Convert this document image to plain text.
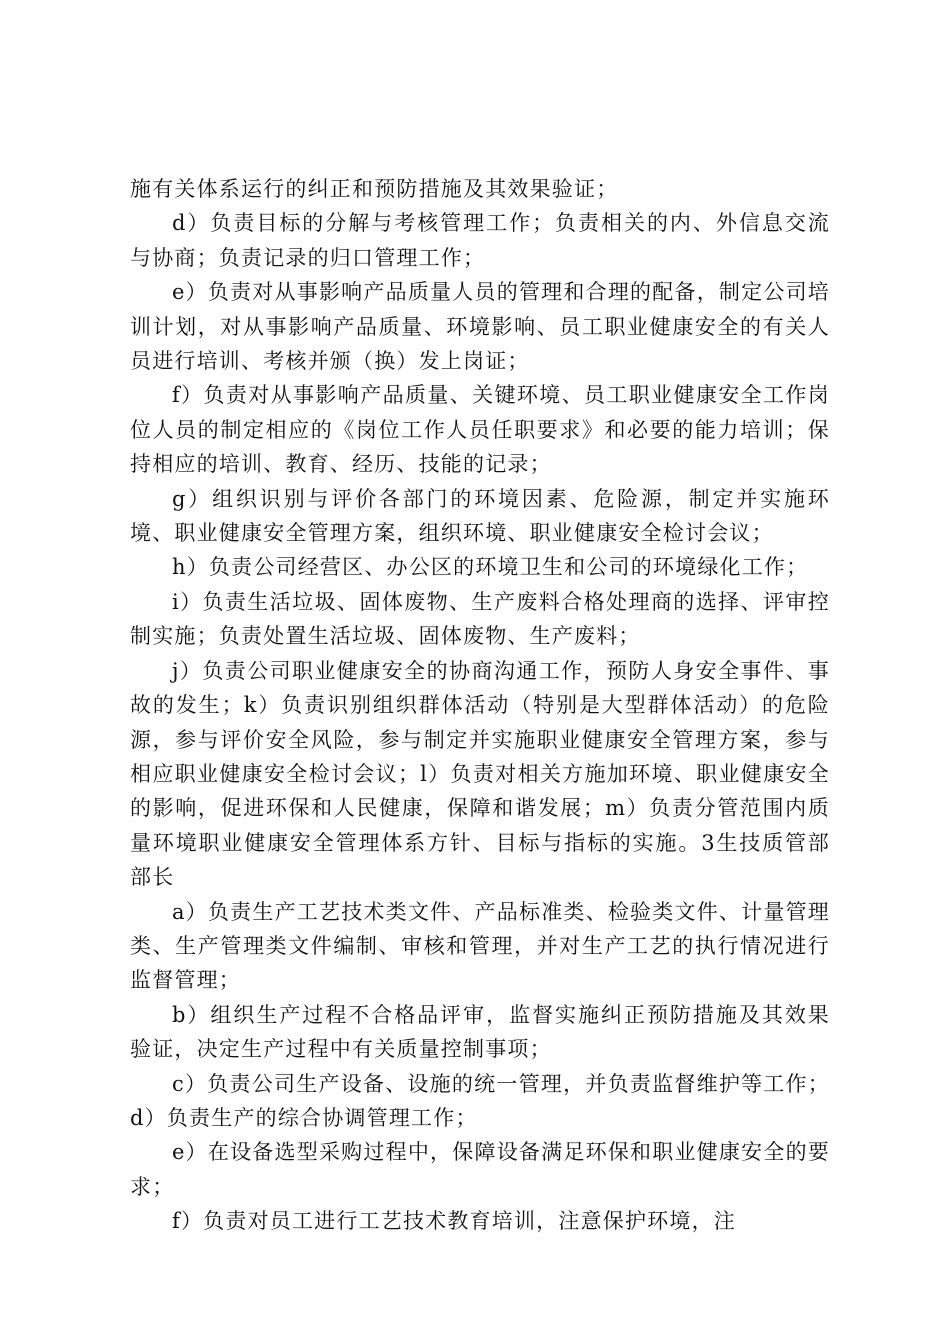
施有关体系运行的纠正和预防措施及其效果验证；

d）负责目标的分解与考核管理工作；负责相关的内、外信息交流与协商；负责记录的归口管理工作；

e）负责对从事影响产品质量人员的管理和合理的配备，制定公司培训计划，对从事影响产品质量、环境影响、员工职业健康安全的有关人员进行培训、考核并颁（换）发上岗证；

f）负责对从事影响产品质量、关键环境、员工职业健康安全工作岗位人员的制定相应的《岗位工作人员任职要求》和必要的能力培训；保持相应的培训、教育、经历、技能的记录；

g）组织识别与评价各部门的环境因素、危险源，制定并实施环境、职业健康安全管理方案，组织环境、职业健康安全检讨会议；

h）负责公司经营区、办公区的环境卫生和公司的环境绿化工作；

i）负责生活垃圾、固体废物、生产废料合格处理商的选择、评审控制实施；负责处置生活垃圾、固体废物、生产废料；

j）负责公司职业健康安全的协商沟通工作，预防人身安全事件、事故的发生；k）负责识别组织群体活动（特别是大型群体活动）的危险源，参与评价安全风险，参与制定并实施职业健康安全管理方案，参与相应职业健康安全检讨会议；l）负责对相关方施加环境、职业健康安全的影响，促进环保和人民健康，保障和谐发展；m）负责分管范围内质量环境职业健康安全管理体系方针、目标与指标的实施。3生技质管部部长

a）负责生产工艺技术类文件、产品标准类、检验类文件、计量管理类、生产管理类文件编制、审核和管理，并对生产工艺的执行情况进行监督管理；

b）组织生产过程不合格品评审，监督实施纠正预防措施及其效果验证，决定生产过程中有关质量控制事项；

c）负责公司生产设备、设施的统一管理，并负责监督维护等工作；d）负责生产的综合协调管理工作；

e）在设备选型采购过程中，保障设备满足环保和职业健康安全的要求；

f）负责对员工进行工艺技术教育培训，注意保护环境，注
